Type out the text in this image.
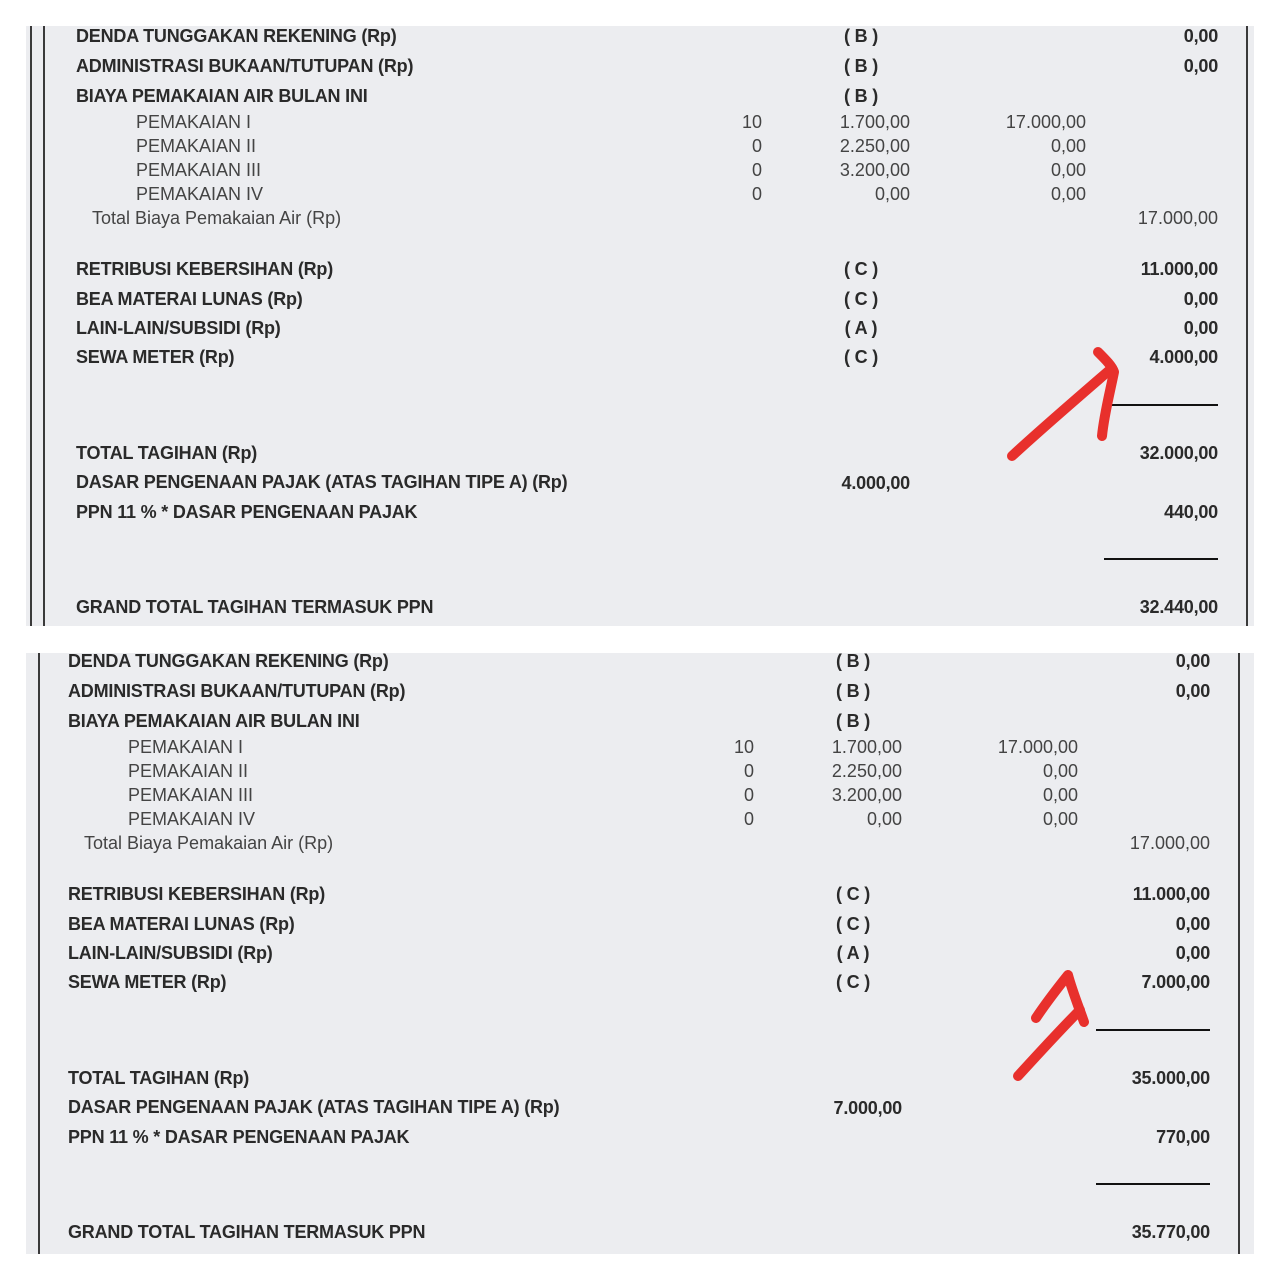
DENDA TUNGGAKAN REKENING (Rp)	( B )	0,00
ADMINISTRASI BUKAAN/TUTUPAN (Rp)	( B )	0,00
BIAYA PEMAKAIAN AIR BULAN INI	( B )
PEMAKAIAN I	10	1.700,00	17.000,00
PEMAKAIAN II	0	2.250,00	0,00
PEMAKAIAN III	0	3.200,00	0,00
PEMAKAIAN IV	0	0,00	0,00
Total Biaya Pemakaian Air (Rp)	17.000,00
RETRIBUSI KEBERSIHAN (Rp)	( C )	11.000,00
BEA MATERAI LUNAS (Rp)	( C )	0,00
LAIN-LAIN/SUBSIDI (Rp)	( A )	0,00
SEWA METER (Rp)	( C )	4.000,00
TOTAL TAGIHAN (Rp)	32.000,00
DASAR PENGENAAN PAJAK (ATAS TAGIHAN TIPE A) (Rp)	4.000,00
PPN 11 % * DASAR PENGENAAN PAJAK	440,00
GRAND TOTAL TAGIHAN TERMASUK PPN	32.440,00
DENDA TUNGGAKAN REKENING (Rp)	( B )	0,00
ADMINISTRASI BUKAAN/TUTUPAN (Rp)	( B )	0,00
BIAYA PEMAKAIAN AIR BULAN INI	( B )
PEMAKAIAN I	10	1.700,00	17.000,00
PEMAKAIAN II	0	2.250,00	0,00
PEMAKAIAN III	0	3.200,00	0,00
PEMAKAIAN IV	0	0,00	0,00
Total Biaya Pemakaian Air (Rp)	17.000,00
RETRIBUSI KEBERSIHAN (Rp)	( C )	11.000,00
BEA MATERAI LUNAS (Rp)	( C )	0,00
LAIN-LAIN/SUBSIDI (Rp)	( A )	0,00
SEWA METER (Rp)	( C )	7.000,00
TOTAL TAGIHAN (Rp)	35.000,00
DASAR PENGENAAN PAJAK (ATAS TAGIHAN TIPE A) (Rp)	7.000,00
PPN 11 % * DASAR PENGENAAN PAJAK	770,00
GRAND TOTAL TAGIHAN TERMASUK PPN	35.770,00
